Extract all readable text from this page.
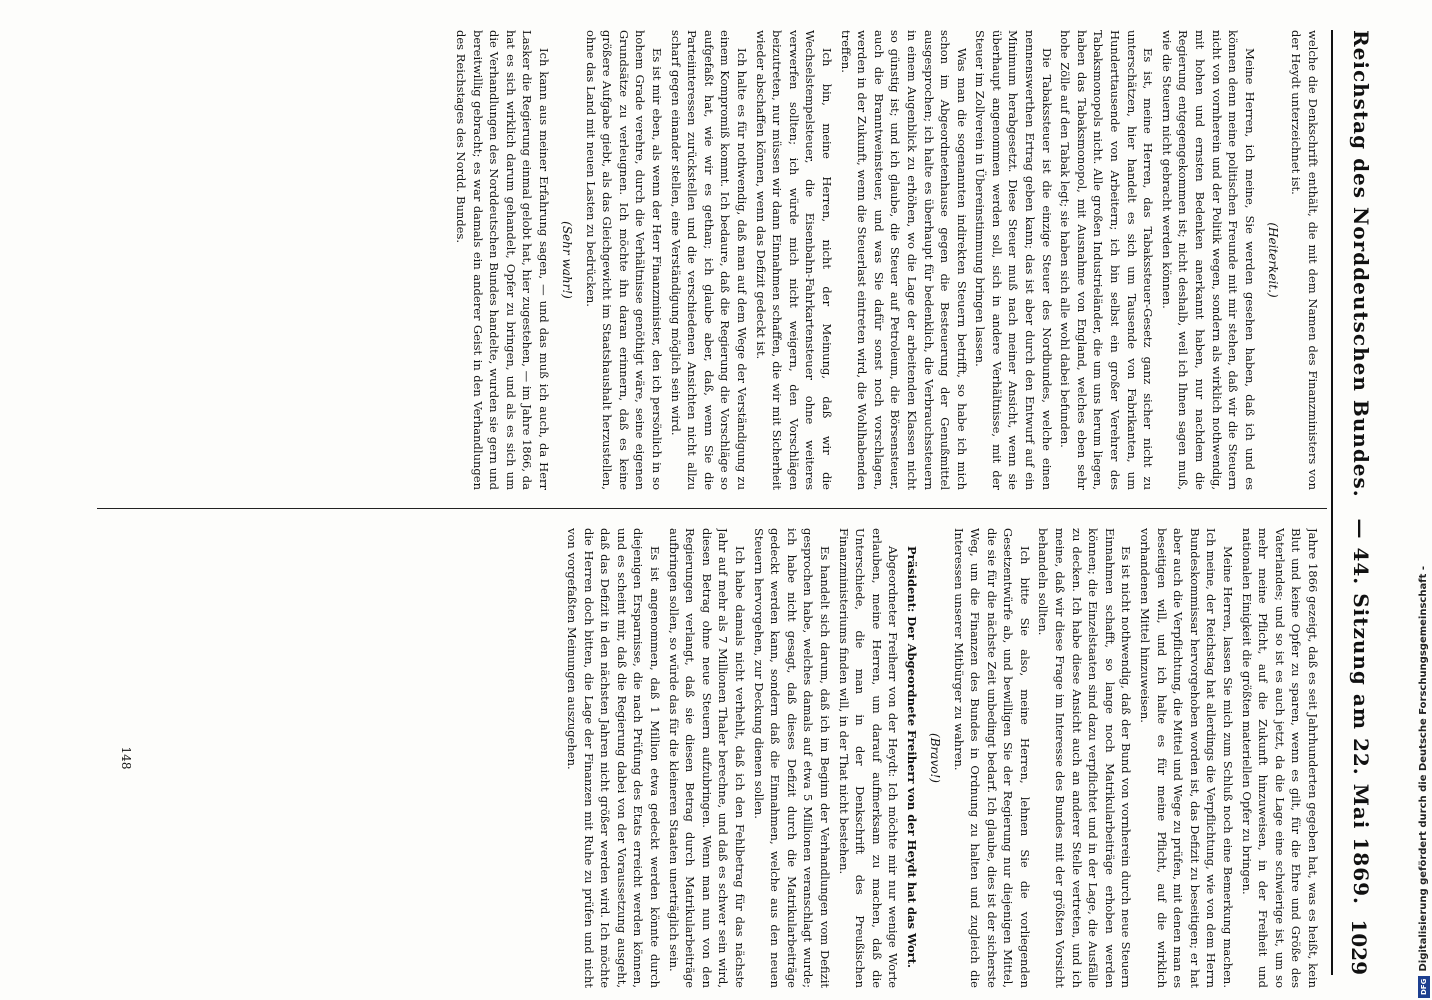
Reichstag des Norddeutschen Bundes.
— 44. Sitzung am 22. Mai 1869.
1029

welche die Denkschrift enthält, die mit dem Namen des Finanzministers von der Heydt unterzeichnet ist.

(Heiterkeit.)

Meine Herren, ich meine, Sie werden gesehen haben, daß ich und es können denn meine politischen Freunde mit mir stehen, daß wir die Steuern nicht von vornherein und der Politik wegen, sondern als wirklich nothwendig, mit hohen und ernsten Bedenken anerkannt haben, nur nachdem die Regierung entgegengekommen ist; nicht deshalb, weil ich Ihnen sagen muß, wie die Steuern nicht gebracht werden können.

Es ist, meine Herren, das Tabakssteuer-Gesetz ganz sicher nicht zu unterschätzen, hier handelt es sich um Tausende von Fabrikanten, um Hunderttausende von Arbeitern; ich bin selbst ein großer Verehrer des Tabaksmonopols nicht. Alle großen Industrieländer, die um uns herum liegen, haben das Tabaksmonopol, mit Ausnahme von England, welches eben sehr hohe Zölle auf den Tabak legt; sie haben sich alle wohl dabei befunden.

Die Tabakssteuer ist die einzige Steuer des Nordbundes, welche einen nennenswerthen Ertrag geben kann; das ist aber durch den Entwurf auf ein Minimum herabgesetzt. Diese Steuer muß nach meiner Ansicht, wenn sie überhaupt angenommen werden soll, sich in andere Verhältnisse, mit der Steuer im Zollverein in Übereinstimmung bringen lassen.

Was man die sogenannten indirekten Steuern betrifft, so habe ich mich schon im Abgeordnetenhause gegen die Besteuerung der Genußmittel ausgesprochen; ich halte es überhaupt für bedenklich, die Verbrauchssteuern in einem Augenblick zu erhöhen, wo die Lage der arbeitenden Klassen nicht so günstig ist; und ich glaube, die Steuer auf Petroleum, die Börsensteuer, auch die Branntweinsteuer, und was Sie dafür sonst noch vorschlagen, werden in der Zukunft, wenn die Steuerlast eintreten wird, die Wohlhabenden treffen.

Ich bin, meine Herren, nicht der Meinung, daß wir die Wechselstempelsteuer, die Eisenbahn-Fahrkartensteuer ohne weiteres verwerfen sollten; ich würde mich nicht weigern, den Vorschlägen beizutreten, nur müssen wir dann Einnahmen schaffen, die wir mit Sicherheit wieder abschaffen können, wenn das Defizit gedeckt ist.

Ich halte es für nothwendig, daß man auf dem Wege der Verständigung zu einem Kompromiß kommt. Ich bedaure, daß die Regierung die Vorschläge so aufgefaßt hat, wie wir es gethan; ich glaube aber, daß, wenn Sie die Parteiinteressen zurückstellen und die verschiedenen Ansichten nicht allzu scharf gegen einander stellen, eine Verständigung möglich sein wird.

Es ist mir eben, als wenn der Herr Finanzminister, den ich persönlich in so hohem Grade verehre, durch die Verhältnisse genöthigt wäre, seine eigenen Grundsätze zu verleugnen. Ich möchte ihn daran erinnern, daß es keine größere Aufgabe giebt, als das Gleichgewicht im Staatshaushalt herzustellen, ohne das Land mit neuen Lasten zu bedrücken.

(Sehr wahr!)

Ich kann aus meiner Erfahrung sagen, — und das muß ich auch, da Herr Lasker die Regierung einmal gelobt hat, hier zugestehen, — im Jahre 1866, da hat es sich wirklich darum gehandelt, Opfer zu bringen, und als es sich um die Verhandlungen des Norddeutschen Bundes handelte, wurden sie gern und bereitwillig gebracht; es war damals ein anderer Geist in den Verhandlungen des Reichstages des Nordd. Bundes.

Jahre 1866 gezeigt, daß es seit Jahrhunderten gegeben hat, was es heißt, kein Blut und keine Opfer zu sparen, wenn es gilt, für die Ehre und Größe des Vaterlandes; und so ist es auch jetzt, da die Lage eine schwierige ist, um so mehr meine Pflicht, auf die Zukunft hinzuweisen, in der Freiheit und nationalen Einigkeit die größten materiellen Opfer zu bringen.

Meine Herren, lassen Sie mich zum Schluß noch eine Bemerkung machen. Ich meine, der Reichstag hat allerdings die Verpflichtung, wie von dem Herrn Bundeskommissar hervorgehoben worden ist, das Defizit zu beseitigen; er hat aber auch die Verpflichtung, die Mittel und Wege zu prüfen, mit denen man es beseitigen will, und ich halte es für meine Pflicht, auf die wirklich vorhandenen Mittel hinzuweisen.

Es ist nicht nothwendig, daß der Bund von vornherein durch neue Steuern Einnahmen schafft, so lange noch Matrikularbeiträge erhoben werden können; die Einzelstaaten sind dazu verpflichtet und in der Lage, die Ausfälle zu decken. Ich habe diese Ansicht auch an anderer Stelle vertreten, und ich meine, daß wir diese Frage im Interesse des Bundes mit der größten Vorsicht behandeln sollten.

Ich bitte Sie also, meine Herren, lehnen Sie die vorliegenden Gesetzentwürfe ab, und bewilligen Sie der Regierung nur diejenigen Mittel, die sie für die nächste Zeit unbedingt bedarf. Ich glaube, dies ist der sicherste Weg, um die Finanzen des Bundes in Ordnung zu halten und zugleich die Interessen unserer Mitbürger zu wahren.

(Bravo!)

Präsident: Der Abgeordnete Freiherr von der Heydt hat das Wort.

Abgeordneter Freiherr von der Heydt: Ich möchte mir nur wenige Worte erlauben, meine Herren, um darauf aufmerksam zu machen, daß die Unterschiede, die man in der Denkschrift des Preußischen Finanzministeriums finden will, in der That nicht bestehen.

Es handelt sich darum, daß ich im Beginn der Verhandlungen vom Defizit gesprochen habe, welches damals auf etwa 5 Millionen veranschlagt wurde; ich habe nicht gesagt, daß dieses Defizit durch die Matrikularbeiträge gedeckt werden kann, sondern daß die Einnahmen, welche aus den neuen Steuern hervorgehen, zur Deckung dienen sollen.

Ich habe damals nicht verhehlt, daß ich den Fehlbetrag für das nächste Jahr auf mehr als 7 Millionen Thaler berechne, und daß es schwer sein wird, diesen Betrag ohne neue Steuern aufzubringen. Wenn man nun von den Regierungen verlangt, daß sie diesen Betrag durch Matrikularbeiträge aufbringen sollen, so würde das für die kleineren Staaten unerträglich sein.

Es ist angenommen, daß 1 Million etwa gedeckt werden könnte durch diejenigen Ersparnisse, die nach Prüfung des Etats erreicht werden können, und es scheint mir, daß die Regierung dabei von der Voraussetzung ausgeht, daß das Defizit in den nächsten Jahren nicht größer werden wird. Ich möchte die Herren doch bitten, die Lage der Finanzen mit Ruhe zu prüfen und nicht von vorgefaßten Meinungen auszugehen.

148	Digitalisierung gefördert durch die Deutsche Forschungsgemeinschaft -
DFG
